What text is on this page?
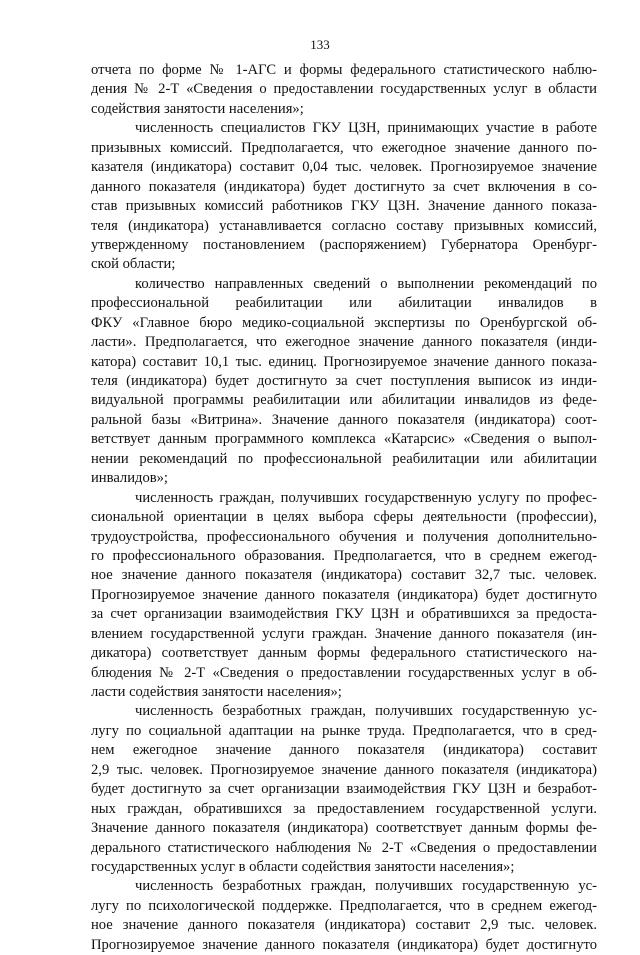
133
отчета по форме № 1-АГС и формы федерального статистического наблю-
дения № 2-Т «Сведения о предоставлении государственных услуг в области
содействия занятости населения»;
численность специалистов ГКУ ЦЗН, принимающих участие в работе
призывных комиссий. Предполагается, что ежегодное значение данного по-
казателя (индикатора) составит 0,04 тыс. человек. Прогнозируемое значение
данного показателя (индикатора) будет достигнуто за счет включения в со-
став призывных комиссий работников ГКУ ЦЗН. Значение данного показа-
теля (индикатора) устанавливается согласно составу призывных комиссий,
утвержденному постановлением (распоряжением) Губернатора Оренбург-
ской области;
количество направленных сведений о выполнении рекомендаций по
профессиональной реабилитации или абилитации инвалидов в
ФКУ «Главное бюро медико-социальной экспертизы по Оренбургской об-
ласти». Предполагается, что ежегодное значение данного показателя (инди-
катора) составит 10,1 тыс. единиц. Прогнозируемое значение данного показа-
теля (индикатора) будет достигнуто за счет поступления выписок из инди-
видуальной программы реабилитации или абилитации инвалидов из феде-
ральной базы «Витрина». Значение данного показателя (индикатора) соот-
ветствует данным программного комплекса «Катарсис» «Сведения о выпол-
нении рекомендаций по профессиональной реабилитации или абилитации
инвалидов»;
численность граждан, получивших государственную услугу по профес-
сиональной ориентации в целях выбора сферы деятельности (профессии),
трудоустройства, профессионального обучения и получения дополнительно-
го профессионального образования. Предполагается, что в среднем ежегод-
ное значение данного показателя (индикатора) составит 32,7 тыс. человек.
Прогнозируемое значение данного показателя (индикатора) будет достигнуто
за счет организации взаимодействия ГКУ ЦЗН и обратившихся за предоста-
влением государственной услуги граждан. Значение данного показателя (ин-
дикатора) соответствует данным формы федерального статистического на-
блюдения № 2-Т «Сведения о предоставлении государственных услуг в об-
ласти содействия занятости населения»;
численность безработных граждан, получивших государственную ус-
лугу по социальной адаптации на рынке труда. Предполагается, что в сред-
нем ежегодное значение данного показателя (индикатора) составит
2,9 тыс. человек. Прогнозируемое значение данного показателя (индикатора)
будет достигнуто за счет организации взаимодействия ГКУ ЦЗН и безработ-
ных граждан, обратившихся за предоставлением государственной услуги.
Значение данного показателя (индикатора) соответствует данным формы фе-
дерального статистического наблюдения № 2-Т «Сведения о предоставлении
государственных услуг в области содействия занятости населения»;
численность безработных граждан, получивших государственную ус-
лугу по психологической поддержке. Предполагается, что в среднем ежегод-
ное значение данного показателя (индикатора) составит 2,9 тыс. человек.
Прогнозируемое значение данного показателя (индикатора) будет достигнуто
